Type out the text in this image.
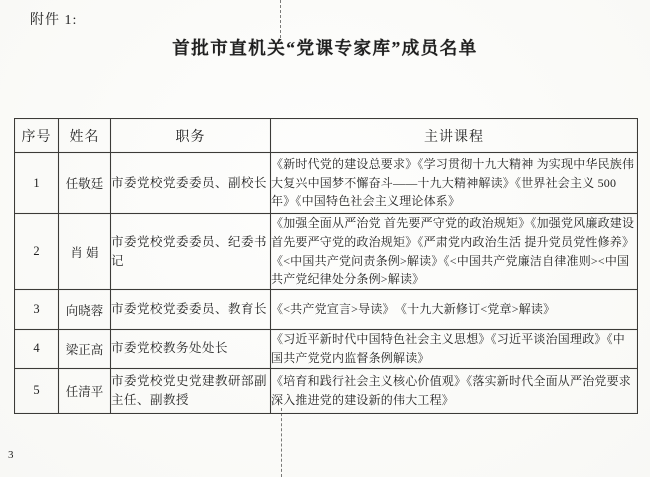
附件 1:
首批市直机关“党课专家库”成员名单
序号	姓名	职务	主讲课程
1	任敬廷	市委党校党委委员、副校长	《新时代党的建设总要求》《学习贯彻十九大精神 为实现中华民族伟大复兴中国梦不懈奋斗——十九大精神解读》《世界社会主义 500 年》《中国特色社会主义理论体系》
2	肖 娟	市委党校党委委员、纪委书记	《加强全面从严治党 首先要严守党的政治规矩》《加强党风廉政建设 首先要严守党的政治规矩》《严肃党内政治生活 提升党员党性修养》《<中国共产党问责条例>解读》《<中国共产党廉洁自律准则><中国共产党纪律处分条例>解读》
3	向晓蓉	市委党校党委委员、教育长	《<共产党宣言>导读》　《十九大新修订<党章>解读》
4	梁正高	市委党校教务处处长	《习近平新时代中国特色社会主义思想》《习近平谈治国理政》《中国共产党党内监督条例解读》
5	任清平	市委党校党史党建教研部副主任、副教授	《培育和践行社会主义核心价值观》《落实新时代全面从严治党要求 深入推进党的建设新的伟大工程》
3
